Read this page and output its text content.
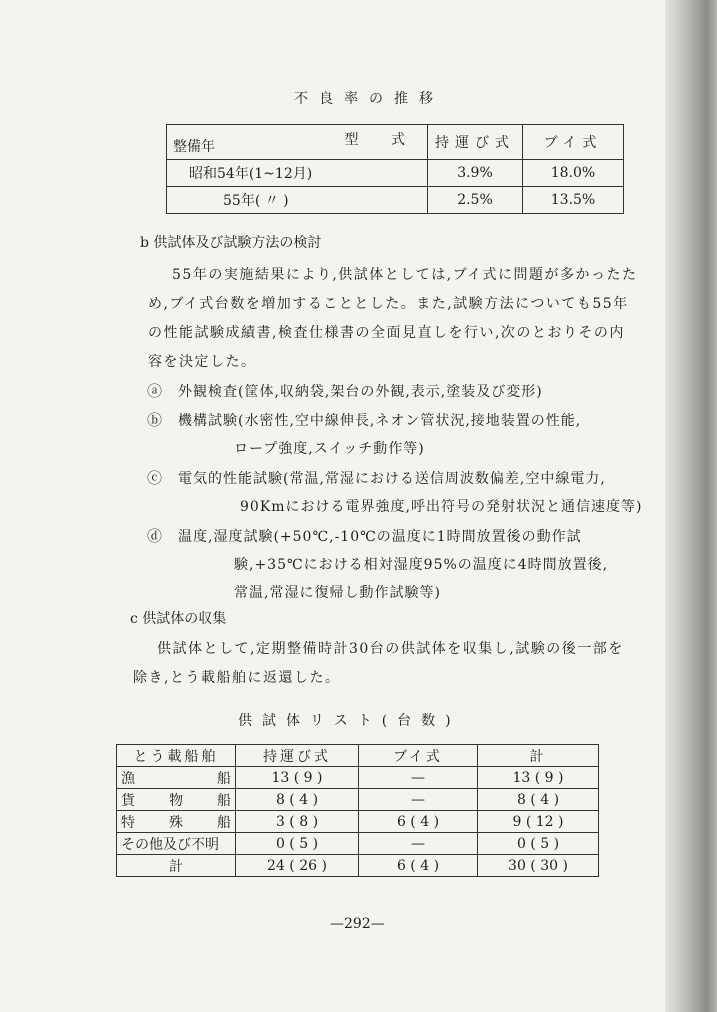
不良率の推移
型 式
整備年	持運び式	ブイ式
昭和54年(1~12月)	3.9%	18.0%
55年( 〃 )	2.5%	13.5%
b 供試体及び試験方法の検討
55年の実施結果により,供試体としては,ブイ式に問題が多かったた
め,ブイ式台数を増加することとした。また,試験方法についても55年
の性能試験成績書,検査仕様書の全面見直しを行い,次のとおりその内
容を決定した。
ⓐ 外観検査(筐体,収納袋,架台の外観,表示,塗装及び変形)
ⓑ 機構試験(水密性,空中線伸長,ネオン管状況,接地装置の性能,
ロープ強度,スイッチ動作等)
ⓒ 電気的性能試験(常温,常湿における送信周波数偏差,空中線電力,
90Kmにおける電界強度,呼出符号の発射状況と通信速度等)
ⓓ 温度,湿度試験(+50℃,-10℃の温度に1時間放置後の動作試
験,+35℃における相対湿度95%の温度に4時間放置後,
常温,常湿に復帰し動作試験等)
c 供試体の収集
供試体として,定期整備時計30台の供試体を収集し,試験の後一部を
除き,とう載船舶に返還した。
供試体リスト(台数)
とう載船舶	持運び式	ブイ式	計

漁 船	13 ( 9 )	—	13 ( 9 )

貨 物 船	8 ( 4 )	—	8 ( 4 )

特 殊 船	3 ( 8 )	6 ( 4 )	9 ( 12 )
その他及び不明	0 ( 5 )	—	0 ( 5 )
計	24 ( 26 )	6 ( 4 )	30 ( 30 )
—292—
